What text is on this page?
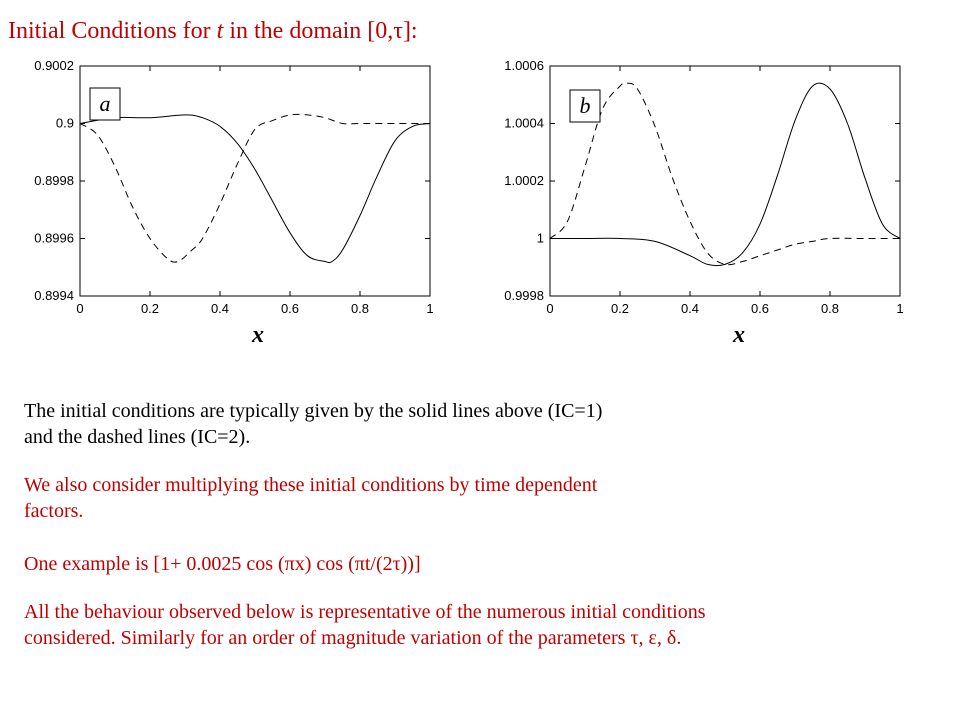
Initial Conditions for t in the domain [0,τ]:
0	0.2	0.4	0.6	0.8	1
0.8994
0.8996
0.8998
0.9
0.9002
a
0	0.2	0.4	0.6	0.8	1
0.9998
1
1.0002
1.0004
1.0006
b
x	x
The initial conditions are typically given by the solid lines above (IC=1)
and the dashed lines (IC=2).
We also consider multiplying these initial conditions by time dependent
factors.
One example is [1+ 0.0025 cos (πx) cos (πt/(2τ))]
All the behaviour observed below is representative of the numerous initial conditions
considered. Similarly for an order of magnitude variation of the parameters τ, ε, δ.
